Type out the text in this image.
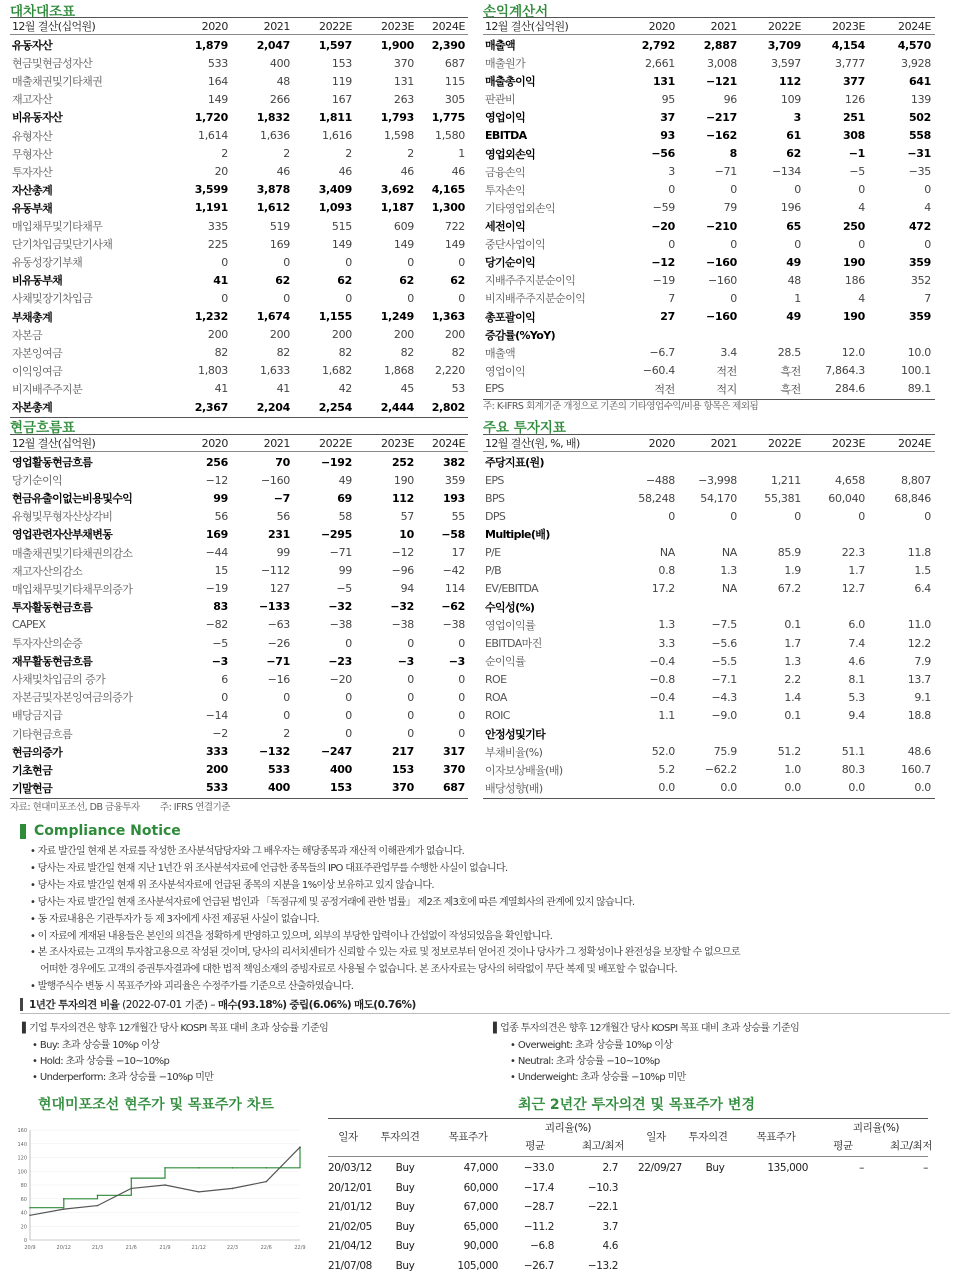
대차대조표
12월 결산(십억원)	2020	2021	2022E	2023E	2024E
유동자산	1,879	2,047	1,597	1,900	2,390
현금및현금성자산	533	400	153	370	687
매출채권및기타채권	164	48	119	131	115
재고자산	149	266	167	263	305
비유동자산	1,720	1,832	1,811	1,793	1,775
유형자산	1,614	1,636	1,616	1,598	1,580
무형자산	2	2	2	2	1
투자자산	20	46	46	46	46
자산총계	3,599	3,878	3,409	3,692	4,165
유동부채	1,191	1,612	1,093	1,187	1,300
매입채무및기타채무	335	519	515	609	722
단기차입금및단기사채	225	169	149	149	149
유동성장기부채	0	0	0	0	0
비유동부채	41	62	62	62	62
사채및장기차입금	0	0	0	0	0
부채총계	1,232	1,674	1,155	1,249	1,363
자본금	200	200	200	200	200
자본잉여금	82	82	82	82	82
이익잉여금	1,803	1,633	1,682	1,868	2,220
비지배주주지분	41	41	42	45	53
자본총계	2,367	2,204	2,254	2,444	2,802
손익계산서
12월 결산(십억원)	2020	2021	2022E	2023E	2024E
주: K-IFRS 회계기준 개정으로 기존의 기타영업수익/비용 항목은 제외됨
매출액	2,792	2,887	3,709	4,154	4,570
매출원가	2,661	3,008	3,597	3,777	3,928
매출총이익	131	−121	112	377	641
판관비	95	96	109	126	139
영업이익	37	−217	3	251	502
EBITDA	93	−162	61	308	558
영업외손익	−56	8	62	−1	−31
금융손익	3	−71	−134	−5	−35
투자손익	0	0	0	0	0
기타영업외손익	−59	79	196	4	4
세전이익	−20	−210	65	250	472
중단사업이익	0	0	0	0	0
당기순이익	−12	−160	49	190	359
지배주주지분순이익	−19	−160	48	186	352
비지배주주지분순이익	7	0	1	4	7
총포괄이익	27	−160	49	190	359
증감률(%YoY)
매출액	−6.7	3.4	28.5	12.0	10.0
영업이익	−60.4	적전	흑전	7,864.3	100.1
EPS	적전	적지	흑전	284.6	89.1
현금흐름표
12월 결산(십억원)	2020	2021	2022E	2023E	2024E
자료: 현대미포조선, DB 금융투자        주: IFRS 연결기준
영업활동현금흐름	256	70	−192	252	382
당기순이익	−12	−160	49	190	359
현금유출이없는비용및수익	99	−7	69	112	193
유형및무형자산상각비	56	56	58	57	55
영업관련자산부채변동	169	231	−295	10	−58
매출채권및기타채권의감소	−44	99	−71	−12	17
재고자산의감소	15	−112	99	−96	−42
매입채무및기타채무의증가	−19	127	−5	94	114
투자활동현금흐름	83	−133	−32	−32	−62
CAPEX	−82	−63	−38	−38	−38
투자자산의순증	−5	−26	0	0	0
재무활동현금흐름	−3	−71	−23	−3	−3
사채및차입금의 증가	6	−16	−20	0	0
자본금및자본잉여금의증가	0	0	0	0	0
배당금지급	−14	0	0	0	0
기타현금흐름	−2	2	0	0	0
현금의증가	333	−132	−247	217	317
기초현금	200	533	400	153	370
기말현금	533	400	153	370	687
주요 투자지표
12월 결산(원, %, 배)	2020	2021	2022E	2023E	2024E
주당지표(원)
EPS	−488	−3,998	1,211	4,658	8,807
BPS	58,248	54,170	55,381	60,040	68,846
DPS	0	0	0	0	0
Multiple(배)
P/E	NA	NA	85.9	22.3	11.8
P/B	0.8	1.3	1.9	1.7	1.5
EV/EBITDA	17.2	NA	67.2	12.7	6.4
수익성(%)
영업이익률	1.3	−7.5	0.1	6.0	11.0
EBITDA마진	3.3	−5.6	1.7	7.4	12.2
순이익률	−0.4	−5.5	1.3	4.6	7.9
ROE	−0.8	−7.1	2.2	8.1	13.7
ROA	−0.4	−4.3	1.4	5.3	9.1
ROIC	1.1	−9.0	0.1	9.4	18.8
안정성및기타
부채비율(%)	52.0	75.9	51.2	51.1	48.6
이자보상배율(배)	5.2	−62.2	1.0	80.3	160.7
배당성향(배)	0.0	0.0	0.0	0.0	0.0
Compliance Notice
• 자료 발간일 현재 본 자료를 작성한 조사분석담당자와 그 배우자는 해당종목과 재산적 이해관계가 없습니다.
• 당사는 자료 발간일 현재 지난 1년간 위 조사분석자료에 언급한 종목들의 IPO 대표주관업무를 수행한 사실이 없습니다.
• 당사는 자료 발간일 현재 위 조사분석자료에 언급된 종목의 지분을 1%이상 보유하고 있지 않습니다.
• 당사는 자료 발간일 현재 조사분석자료에 언급된 법인과 「독점규제 및 공정거래에 관한 법률」 제2조 제3호에 따른 계열회사의 관계에 있지 않습니다.
• 동 자료내용은 기관투자가 등 제 3자에게 사전 제공된 사실이 없습니다.
• 이 자료에 게재된 내용들은 본인의 의견을 정확하게 반영하고 있으며, 외부의 부당한 압력이나 간섭없이 작성되었음을 확인합니다.
• 본 조사자료는 고객의 투자참고용으로 작성된 것이며, 당사의 리서치센터가 신뢰할 수 있는 자료 및 정보로부터 얻어진 것이나 당사가 그 정확성이나 완전성을 보장할 수 없으므로
어떠한 경우에도 고객의 증권투자결과에 대한 법적 책임소재의 증빙자료로 사용될 수 없습니다. 본 조사자료는 당사의 허락없이 무단 복제 및 배포할 수 없습니다.
• 발행주식수 변동 시 목표주가와 괴리율은 수정주가를 기준으로 산출하였습니다.
1년간 투자의견 비율
(2022-07-01 기준) –
매수(93.18%)
중립(6.06%)
매도(0.76%)
▌기업 투자의견은 향후 12개월간 당사 KOSPI 목표 대비 초과 상승률 기준임
• Buy: 초과 상승률 10%p 이상
• Hold: 초과 상승률 −10~10%p
• Underperform: 초과 상승률 −10%p 미만
▌업종 투자의견은 향후 12개월간 당사 KOSPI 목표 대비 초과 상승률 기준임
• Overweight: 초과 상승률 10%p 이상
• Neutral: 초과 상승률 −10~10%p
• Underweight: 초과 상승률 −10%p 미만
현대미포조선 현주가 및 목표주가 차트
160
140
120
100
80
60
40
20
0
20/9	20/12	21/3	21/6	21/9	21/12	22/3	22/6	22/9
최근 2년간 투자의견 및 목표주가 변경
일자	투자의견	목표주가
괴리율(%)
평균	최고/최저
일자	투자의견	목표주가
괴리율(%)
평균	최고/최저
20/03/12	Buy	47,000	−33.0	2.7
20/12/01	Buy	60,000	−17.4	−10.3
21/01/12	Buy	67,000	−28.7	−22.1
21/02/05	Buy	65,000	−11.2	3.7
21/04/12	Buy	90,000	−6.8	4.6
21/07/08	Buy	105,000	−26.7	−13.2
22/09/27	Buy	135,000	–	–
